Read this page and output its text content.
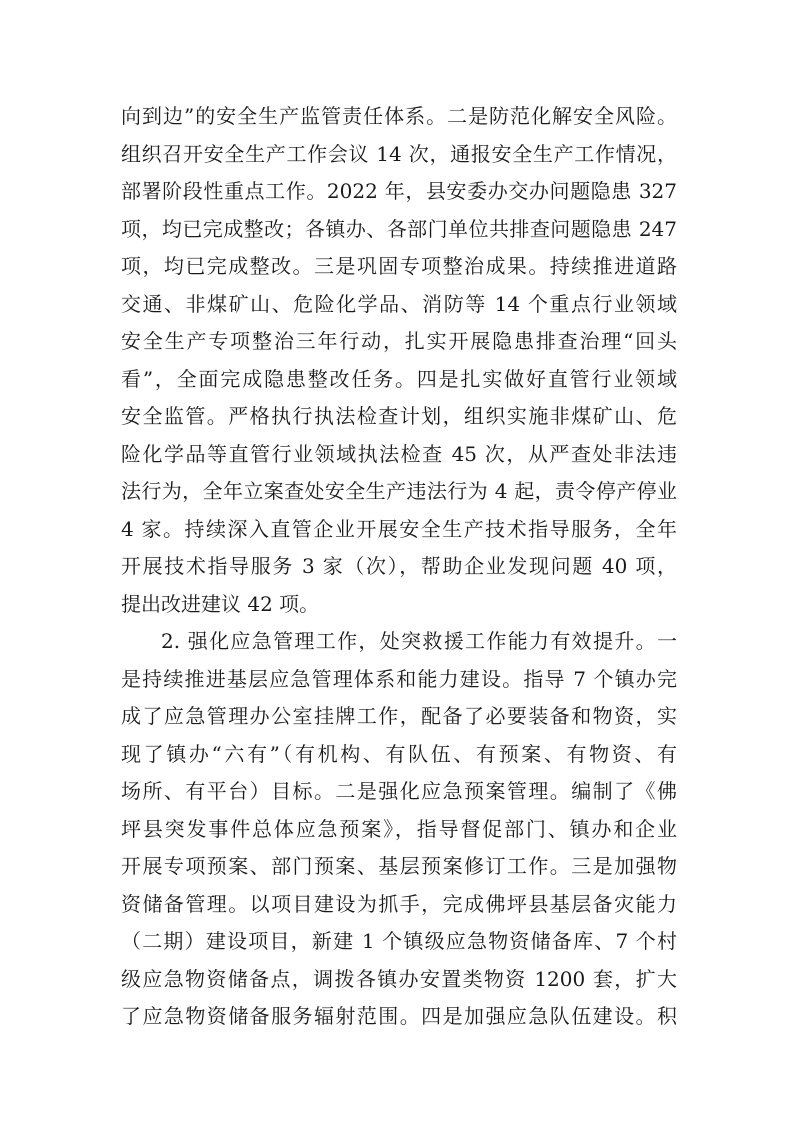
向到边”的安全生产监管责任体系。二是防范化解安全风险。
组织召开安全生产工作会议 14 次，通报安全生产工作情况，
部署阶段性重点工作。2022 年，县安委办交办问题隐患 327
项，均已完成整改；各镇办、各部门单位共排查问题隐患 247
项，均已完成整改。三是巩固专项整治成果。持续推进道路
交通、非煤矿山、危险化学品、消防等 14 个重点行业领域
安全生产专项整治三年行动，扎实开展隐患排查治理“回头
看”，全面完成隐患整改任务。四是扎实做好直管行业领域
安全监管。严格执行执法检查计划，组织实施非煤矿山、危
险化学品等直管行业领域执法检查 45 次，从严查处非法违
法行为，全年立案查处安全生产违法行为 4 起，责令停产停业
4 家。持续深入直管企业开展安全生产技术指导服务，全年
开展技术指导服务 3 家（次），帮助企业发现问题 40 项，
提出改进建议 42 项。
2. 强化应急管理工作，处突救援工作能力有效提升。一
是持续推进基层应急管理体系和能力建设。指导 7 个镇办完
成了应急管理办公室挂牌工作，配备了必要装备和物资，实
现了镇办“六有”（有机构、有队伍、有预案、有物资、有
场所、有平台）目标。二是强化应急预案管理。编制了《佛
坪县突发事件总体应急预案》，指导督促部门、镇办和企业
开展专项预案、部门预案、基层预案修订工作。三是加强物
资储备管理。以项目建设为抓手，完成佛坪县基层备灾能力
（二期）建设项目，新建 1 个镇级应急物资储备库、7 个村
级应急物资储备点，调拨各镇办安置类物资 1200 套，扩大
了应急物资储备服务辐射范围。四是加强应急队伍建设。积
